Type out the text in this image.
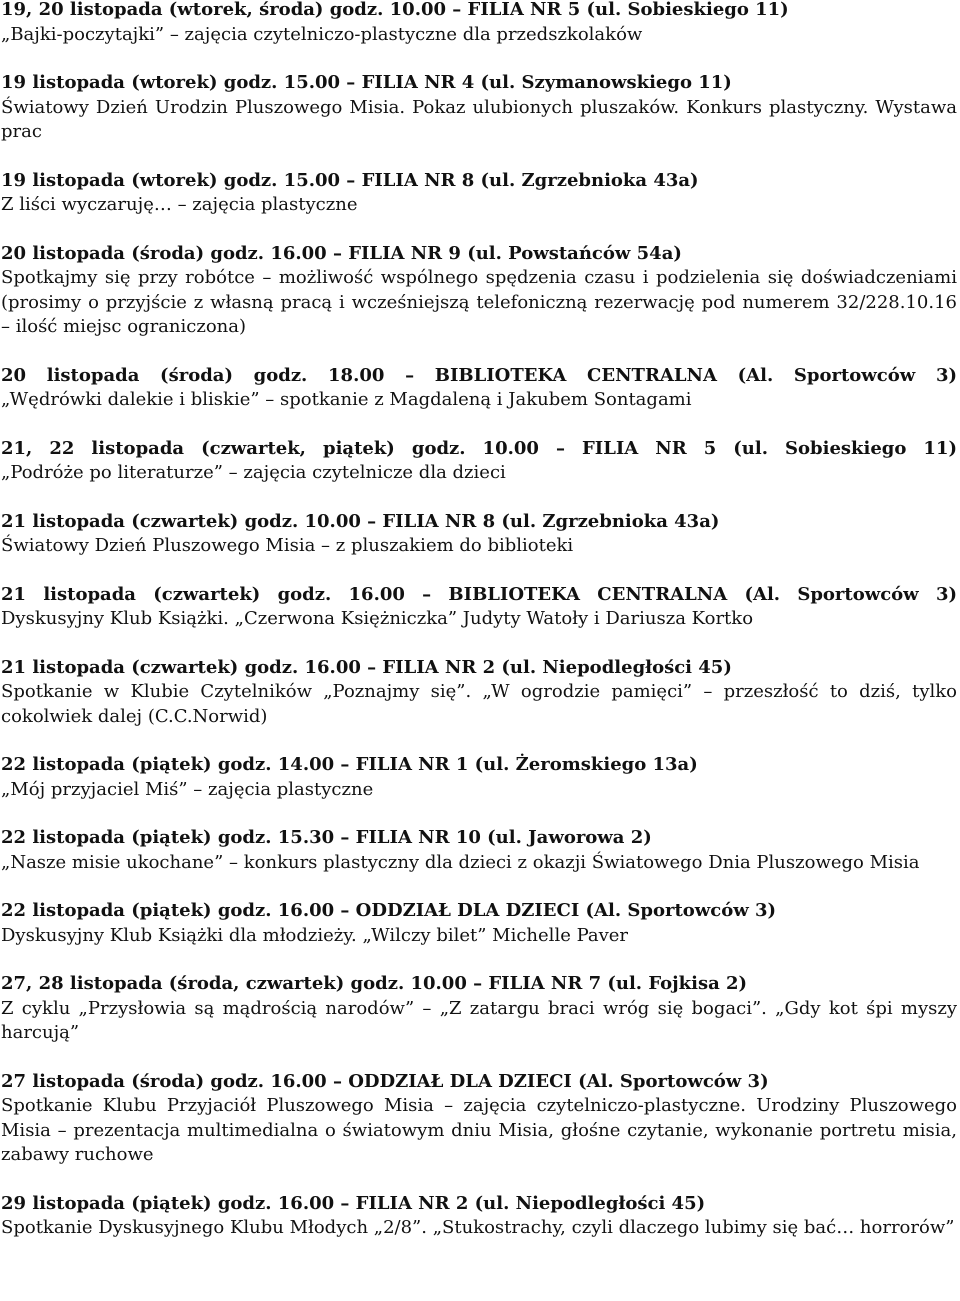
19, 20 listopada (wtorek, środa) godz. 10.00 – FILIA NR 5 (ul. Sobieskiego 11)

„Bajki-poczytajki” – zajęcia czytelniczo-plastyczne dla przedszkolaków

19 listopada (wtorek) godz. 15.00 – FILIA NR 4 (ul. Szymanowskiego 11)

Światowy Dzień Urodzin Pluszowego Misia. Pokaz ulubionych pluszaków. Konkurs plastyczny. Wystawa prac

19 listopada (wtorek) godz. 15.00 – FILIA NR 8 (ul. Zgrzebnioka 43a)

Z liści wyczaruję… – zajęcia plastyczne

20 listopada (środa) godz. 16.00 – FILIA NR 9 (ul. Powstańców 54a)

Spotkajmy się przy robótce – możliwość wspólnego spędzenia czasu i podzielenia się doświadczeniami (prosimy o przyjście z własną pracą i wcześniejszą telefoniczną rezerwację pod numerem 32/228.10.16 – ilość miejsc ograniczona)

20 listopada (środa) godz. 18.00 – BIBLIOTEKA CENTRALNA (Al. Sportowców 3)

„Wędrówki dalekie i bliskie” – spotkanie z Magdaleną i Jakubem Sontagami

21, 22 listopada (czwartek, piątek) godz. 10.00 – FILIA NR 5 (ul. Sobieskiego 11)

„Podróże po literaturze” – zajęcia czytelnicze dla dzieci

21 listopada (czwartek) godz. 10.00 – FILIA NR 8 (ul. Zgrzebnioka 43a)

Światowy Dzień Pluszowego Misia – z pluszakiem do biblioteki

21 listopada (czwartek) godz. 16.00 – BIBLIOTEKA CENTRALNA (Al. Sportowców 3)

Dyskusyjny Klub Książki. „Czerwona Księżniczka” Judyty Watoły i Dariusza Kortko

21 listopada (czwartek) godz. 16.00 – FILIA NR 2 (ul. Niepodległości 45)

Spotkanie w Klubie Czytelników „Poznajmy się”. „W ogrodzie pamięci” – przeszłość to dziś, tylko cokolwiek dalej (C.C.Norwid)

22 listopada (piątek) godz. 14.00 – FILIA NR 1 (ul. Żeromskiego 13a)

„Mój przyjaciel Miś” – zajęcia plastyczne

22 listopada (piątek) godz. 15.30 – FILIA NR 10 (ul. Jaworowa 2)

„Nasze misie ukochane” – konkurs plastyczny dla dzieci z okazji Światowego Dnia Pluszowego Misia

22 listopada (piątek) godz. 16.00 – ODDZIAŁ DLA DZIECI (Al. Sportowców 3)

Dyskusyjny Klub Książki dla młodzieży. „Wilczy bilet” Michelle Paver

27, 28 listopada (środa, czwartek) godz. 10.00 – FILIA NR 7 (ul. Fojkisa 2)

Z cyklu „Przysłowia są mądrością narodów” – „Z zatargu braci wróg się bogaci”. „Gdy kot śpi myszy harcują”

27 listopada (środa) godz. 16.00 – ODDZIAŁ DLA DZIECI (Al. Sportowców 3)

Spotkanie Klubu Przyjaciół Pluszowego Misia – zajęcia czytelniczo-plastyczne. Urodziny Pluszowego Misia – prezentacja multimedialna o światowym dniu Misia, głośne czytanie, wykonanie portretu misia, zabawy ruchowe

29 listopada (piątek) godz. 16.00 – FILIA NR 2 (ul. Niepodległości 45)

Spotkanie Dyskusyjnego Klubu Młodych „2/8”. „Stukostrachy, czyli dlaczego lubimy się bać… horrorów”
